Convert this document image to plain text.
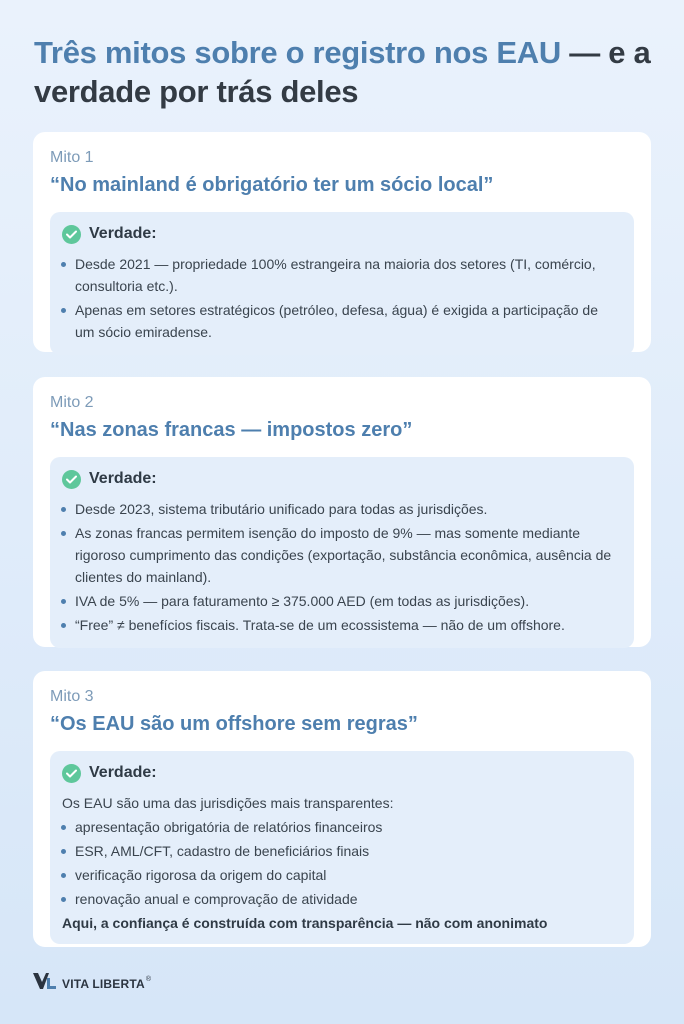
Três mitos sobre o registro nos EAU — e a verdade por trás deles

Mito 1

“No mainland é obrigatório ter um sócio local”

Verdade:
Desde 2021 — propriedade 100% estrangeira na maioria dos setores (TI, comércio, consultoria etc.).
Apenas em setores estratégicos (petróleo, defesa, água) é exigida a participação de um sócio emiradense.

Mito 2

“Nas zonas francas — impostos zero”

Verdade:
Desde 2023, sistema tributário unificado para todas as jurisdições.
As zonas francas permitem isenção do imposto de 9% — mas somente mediante rigoroso cumprimento das condições (exportação, substância econômica, ausência de clientes do mainland).
IVA de 5% — para faturamento ≥ 375.000 AED (em todas as jurisdições).
“Free” ≠ benefícios fiscais. Trata-se de um ecossistema — não de um offshore.

Mito 3

“Os EAU são um offshore sem regras”

Verdade:

Os EAU são uma das jurisdições mais transparentes:

apresentação obrigatória de relatórios financeiros
ESR, AML/CFT, cadastro de beneficiários finais
verificação rigorosa da origem do capital
renovação anual e comprovação de atividade

Aqui, a confiança é construída com transparência — não com anonimato

VITA LIBERTA ®
